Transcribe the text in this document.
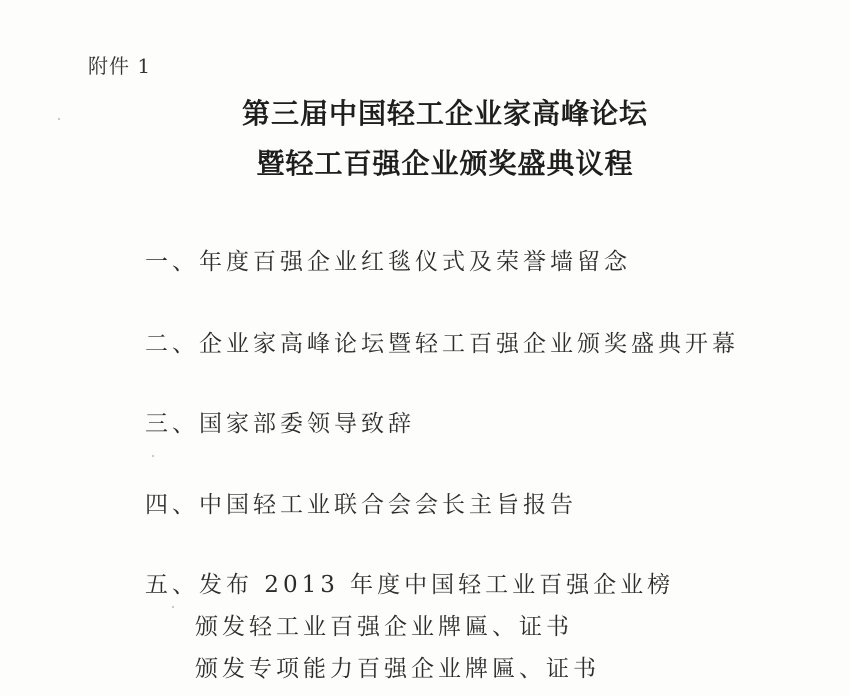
附件 1
第三届中国轻工企业家高峰论坛
暨轻工百强企业颁奖盛典议程
一、年度百强企业红毯仪式及荣誉墙留念
二、企业家高峰论坛暨轻工百强企业颁奖盛典开幕
三、国家部委领导致辞
四、中国轻工业联合会会长主旨报告
五、发布 2013 年度中国轻工业百强企业榜
颁发轻工业百强企业牌匾、证书
颁发专项能力百强企业牌匾、证书
